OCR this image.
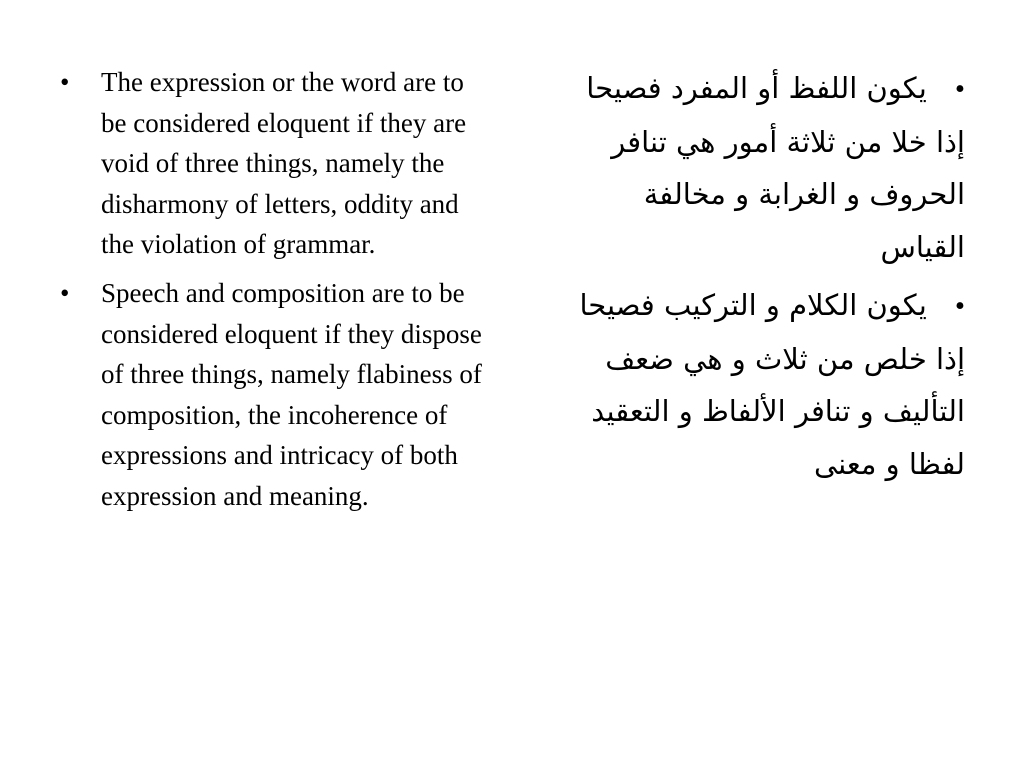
• The expression or the word are to be considered eloquent if they are void of three things, namely the disharmony of letters, oddity and the violation of grammar.
• Speech and composition are to be considered eloquent if they dispose of three things, namely flabiness of composition, the incoherence of expressions and intricacy of both expression and meaning.
•يكون اللفظ أو المفرد فصيحا إذا خلا من ثلاثة أمور هي تنافر الحروف و الغرابة و مخالفة القياس
•يكون الكلام و التركيب فصيحا إذا خلص من ثلاث و هي ضعف التأليف و تنافر الألفاظ و التعقيد لفظا و معنى
